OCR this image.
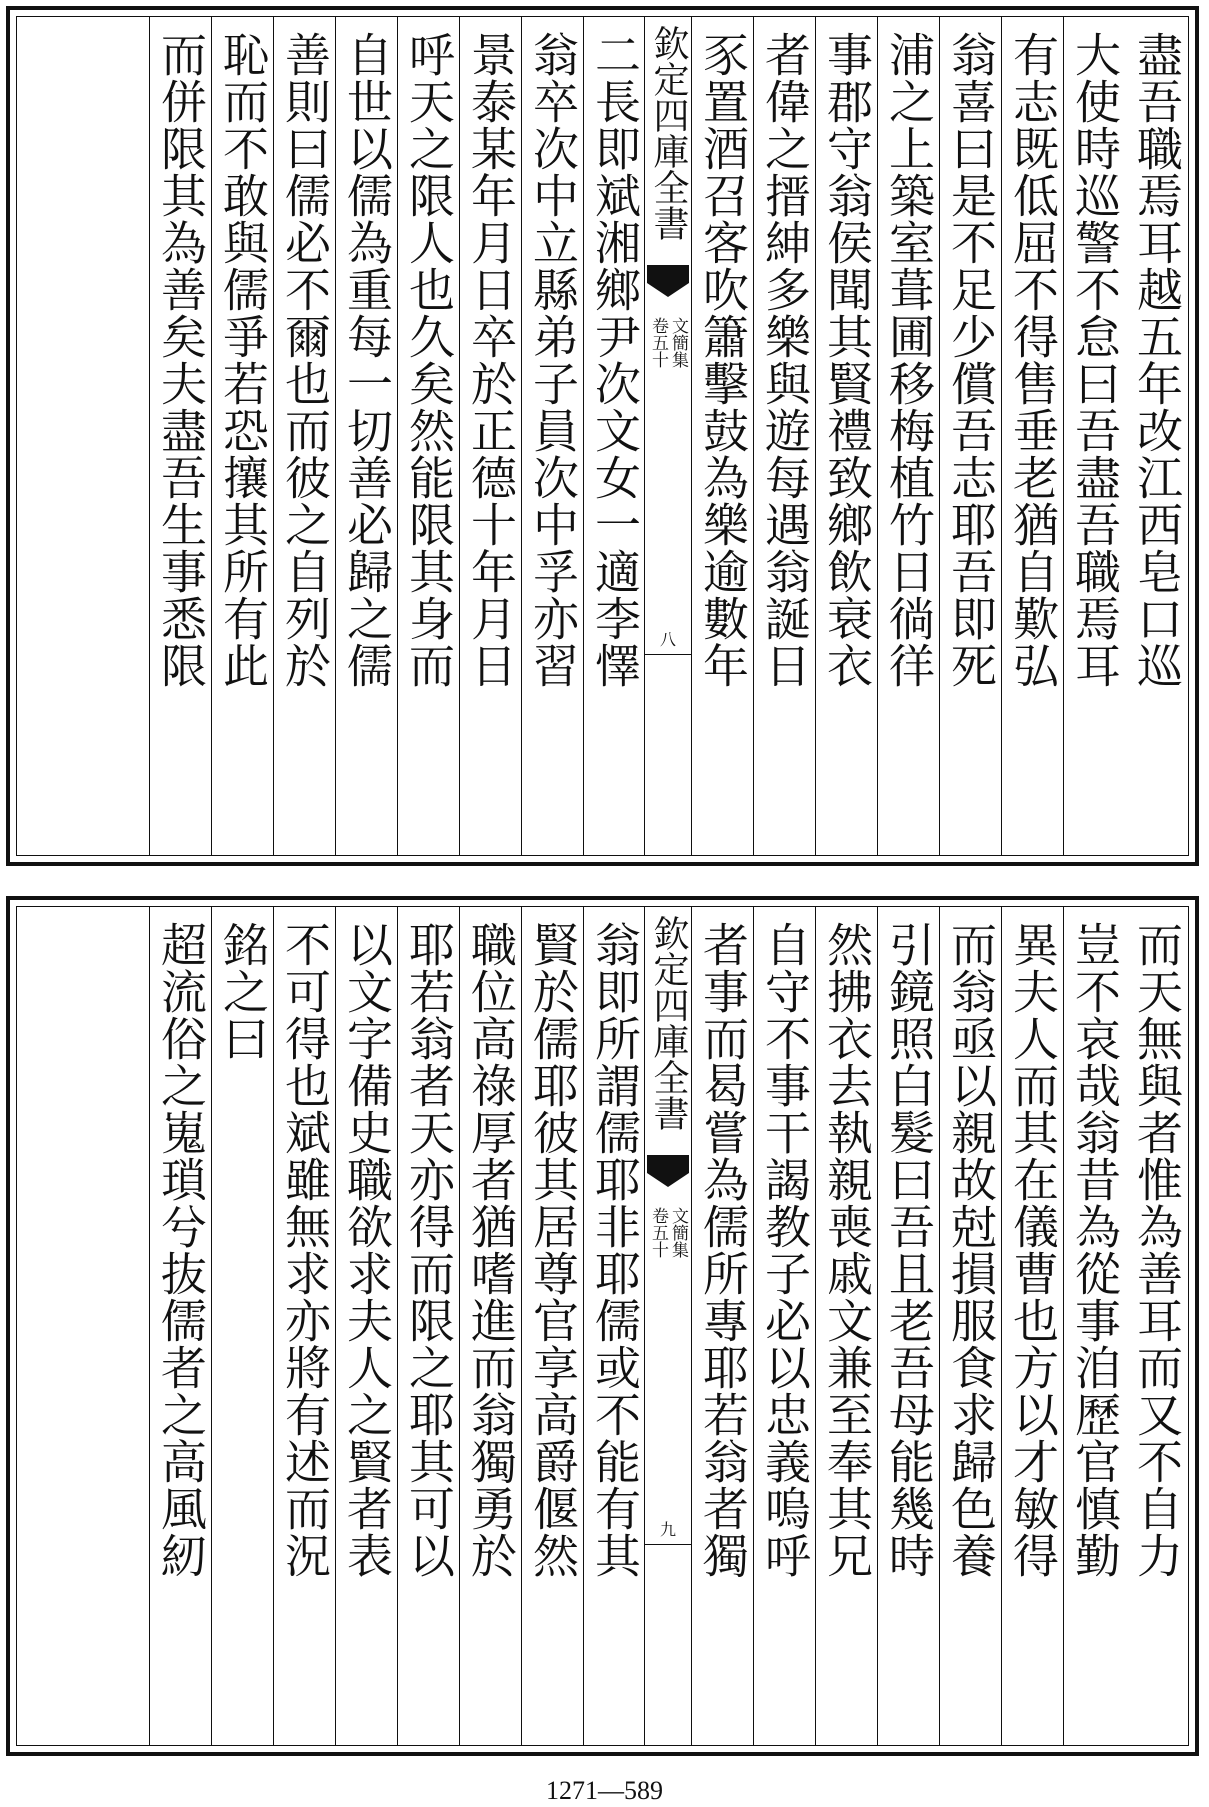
盡吾職焉耳越五年改江西皂口巡
大使時巡警不怠曰吾盡吾職焉耳
有志既低屈不得售垂老猶自歎弘
翁喜曰是不足少償吾志耶吾即死
浦之上築室葺圃移梅植竹日徜徉
事郡守翁侯聞其賢禮致鄉飲衰衣
者偉之搢紳多樂與遊每遇翁誕日
豕置酒召客吹簫擊鼓為樂逾數年
欽定四庫全書
文簡集
卷五十
八
二長即斌湘鄉尹次文女一適李懌
翁卒次中立縣弟子員次中孚亦習
景泰某年月日卒於正德十年月日
呼天之限人也久矣然能限其身而
自世以儒為重每一切善必歸之儒
善則曰儒必不爾也而彼之自列於
恥而不敢與儒爭若恐攘其所有此
而併限其為善矣夫盡吾生事悉限
而天無與者惟為善耳而又不自力
豈不哀哉翁昔為從事洎歷官慎勤
異夫人而其在儀曹也方以才敏得
而翁亟以親故尅損服食求歸色養
引鏡照白髮曰吾且老吾母能幾時
然拂衣去執親喪戚文兼至奉其兄
自守不事干謁教子必以忠義嗚呼
者事而曷嘗為儒所專耶若翁者獨
欽定四庫全書
文簡集
卷五十
九
翁即所謂儒耶非耶儒或不能有其
賢於儒耶彼其居尊官享高爵偃然
職位高祿厚者猶嗜進而翁獨勇於
耶若翁者天亦得而限之耶其可以
以文字備史職欲求夫人之賢者表
不可得也斌雖無求亦將有述而況
銘之曰
超流俗之嵬瑣兮抜儒者之高風紉
1271—589
